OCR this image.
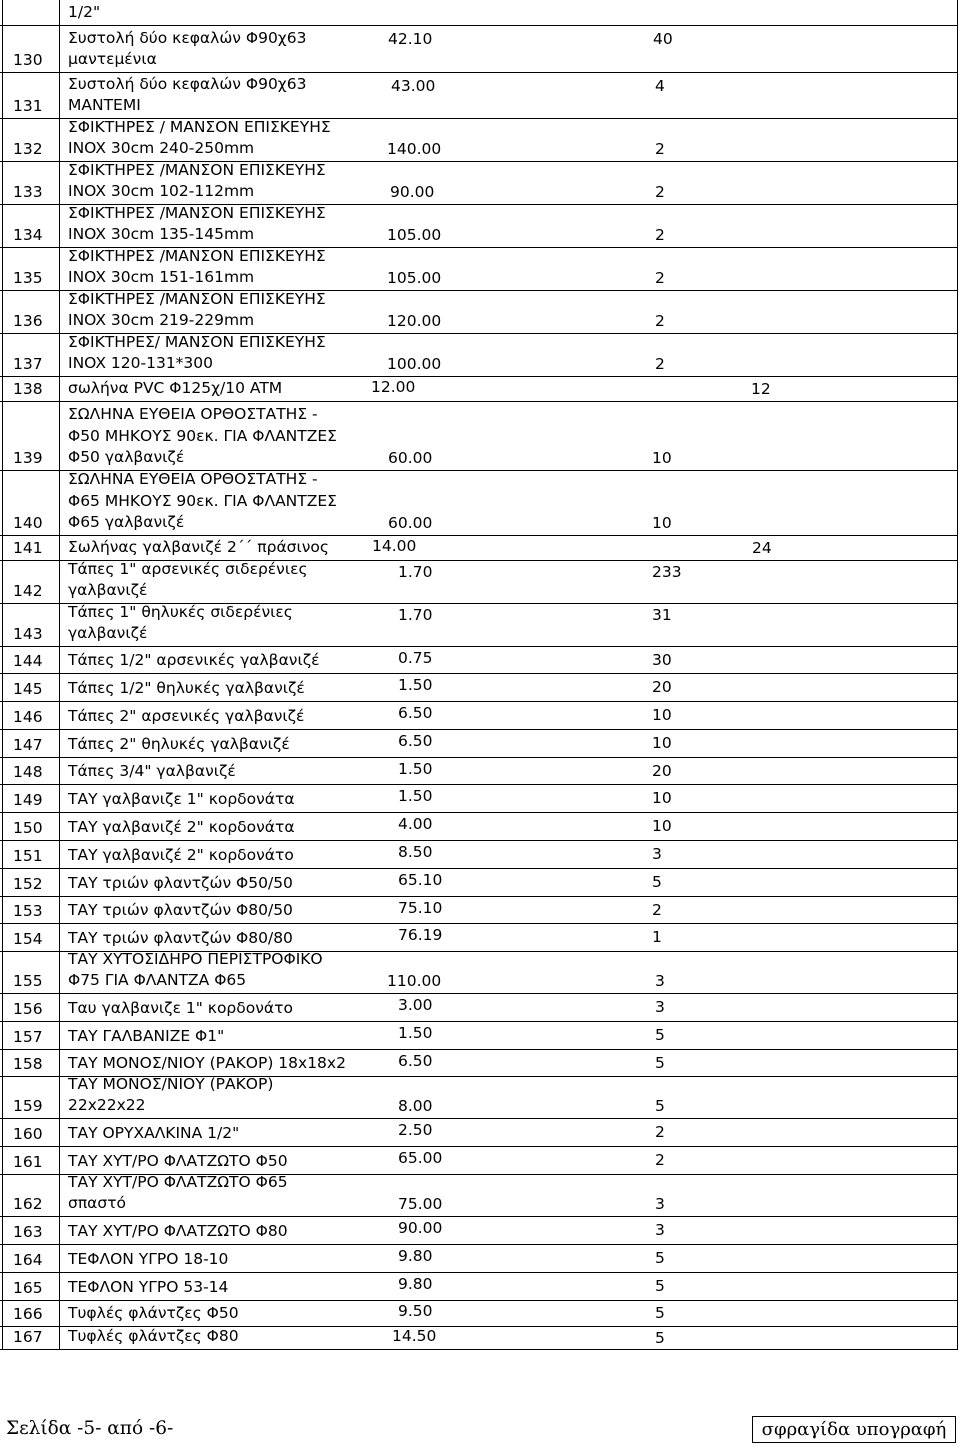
1/2"
130
Συστολή δύο κεφαλών Φ90χ63
μαντεμένια
42.10	40
131
Συστολή δύο κεφαλών Φ90χ63
ΜΑΝΤΕΜΙ
43.00	4
132
ΣΦΙΚΤΗΡΕΣ / ΜΑΝΣΟΝ ΕΠΙΣΚΕΥΗΣ
INOX 30cm 240-250mm	140.00	2
133
ΣΦΙΚΤΗΡΕΣ /ΜΑΝΣΟΝ ΕΠΙΣΚΕΥΗΣ
INOX 30cm 102-112mm	90.00	2
134
ΣΦΙΚΤΗΡΕΣ /ΜΑΝΣΟΝ ΕΠΙΣΚΕΥΗΣ
INOX 30cm 135-145mm	105.00	2
135
ΣΦΙΚΤΗΡΕΣ /ΜΑΝΣΟΝ ΕΠΙΣΚΕΥΗΣ
INOX 30cm 151-161mm	105.00	2
136
ΣΦΙΚΤΗΡΕΣ /ΜΑΝΣΟΝ ΕΠΙΣΚΕΥΗΣ
INOX 30cm 219-229mm	120.00	2
137
ΣΦΙΚΤΗΡΕΣ/ ΜΑΝΣΟΝ ΕΠΙΣΚΕΥΗΣ
INOX 120-131*300	100.00	2
138 σωλήνα PVC Φ125χ/10 ATM	12.00	12
139
ΣΩΛΗΝΑ ΕΥΘΕΙΑ ΟΡΘΟΣΤΑΤΗΣ -
Φ50 ΜΗΚΟΥΣ 90εκ. ΓΙΑ ΦΛΑΝΤΖΕΣ
Φ50 γαλβανιζέ	60.00	10
140
ΣΩΛΗΝΑ ΕΥΘΕΙΑ ΟΡΘΟΣΤΑΤΗΣ -
Φ65 ΜΗΚΟΥΣ 90εκ. ΓΙΑ ΦΛΑΝΤΖΕΣ
Φ65 γαλβανιζέ	60.00	10
141 Σωλήνας γαλβανιζέ 2΄΄ πράσινος	14.00	24
142
Τάπες 1" αρσενικές σιδερένιες
γαλβανιζέ
1.70	233
143
Τάπες 1" θηλυκές σιδερένιες
γαλβανιζέ
1.70	31
144 Τάπες 1/2" αρσενικές γαλβανιζέ	0.75	30
145 Τάπες 1/2" θηλυκές γαλβανιζέ	1.50	20
146 Τάπες 2" αρσενικές γαλβανιζέ	6.50	10
147 Τάπες 2" θηλυκές γαλβανιζέ	6.50	10
148 Τάπες 3/4" γαλβανιζέ	1.50	20
149 ΤΑΥ γαλβανιζε 1" κορδονάτα	1.50	10
150 ΤΑΥ γαλβανιζέ 2" κορδονάτα	4.00	10
151 ΤΑΥ γαλβανιζέ 2" κορδονάτο	8.50	3
152 ΤΑΥ τριών φλαντζών Φ50/50	65.10	5
153 ΤΑΥ τριών φλαντζών Φ80/50	75.10	2
154 ΤΑΥ τριών φλαντζών Φ80/80	76.19	1
155
ΤΑΥ ΧΥΤΟΣΙΔΗΡΟ ΠΕΡΙΣΤΡΟΦΙΚΟ
Φ75 ΓΙΑ ΦΛΑΝΤΖΑ Φ65	110.00	3
156 Ταυ γαλβανιζε 1" κορδονάτο	3.00	3
157 ΤΑΥ ΓΑΛΒΑΝΙΖΕ Φ1"	1.50	5
158 ΤΑΥ ΜΟΝΟΣ/ΝΙΟΥ (ΡΑΚΟΡ) 18x18x2	6.50	5
159
ΤΑΥ ΜΟΝΟΣ/ΝΙΟΥ (ΡΑΚΟΡ)
22x22x22	8.00	5
160 ΤΑΥ ΟΡΥΧΑΛΚΙΝΑ 1/2"	2.50	2
161 ΤΑΥ ΧΥΤ/ΡΟ ΦΛΑΤΖΩΤΟ Φ50	65.00	2
162
ΤΑΥ ΧΥΤ/ΡΟ ΦΛΑΤΖΩΤΟ Φ65
σπαστό	75.00	3
163 ΤΑΥ ΧΥΤ/ΡΟ ΦΛΑΤΖΩΤΟ Φ80	90.00	3
164 ΤΕΦΛΟΝ ΥΓΡΟ 18-10	9.80	5
165 ΤΕΦΛΟΝ ΥΓΡΟ 53-14	9.80	5
166 Τυφλές φλάντζες Φ50	9.50	5
167 Τυφλές φλάντζες Φ80	14.50	5
Σελίδα -5- από -6-	σφραγίδα υπογραφή
